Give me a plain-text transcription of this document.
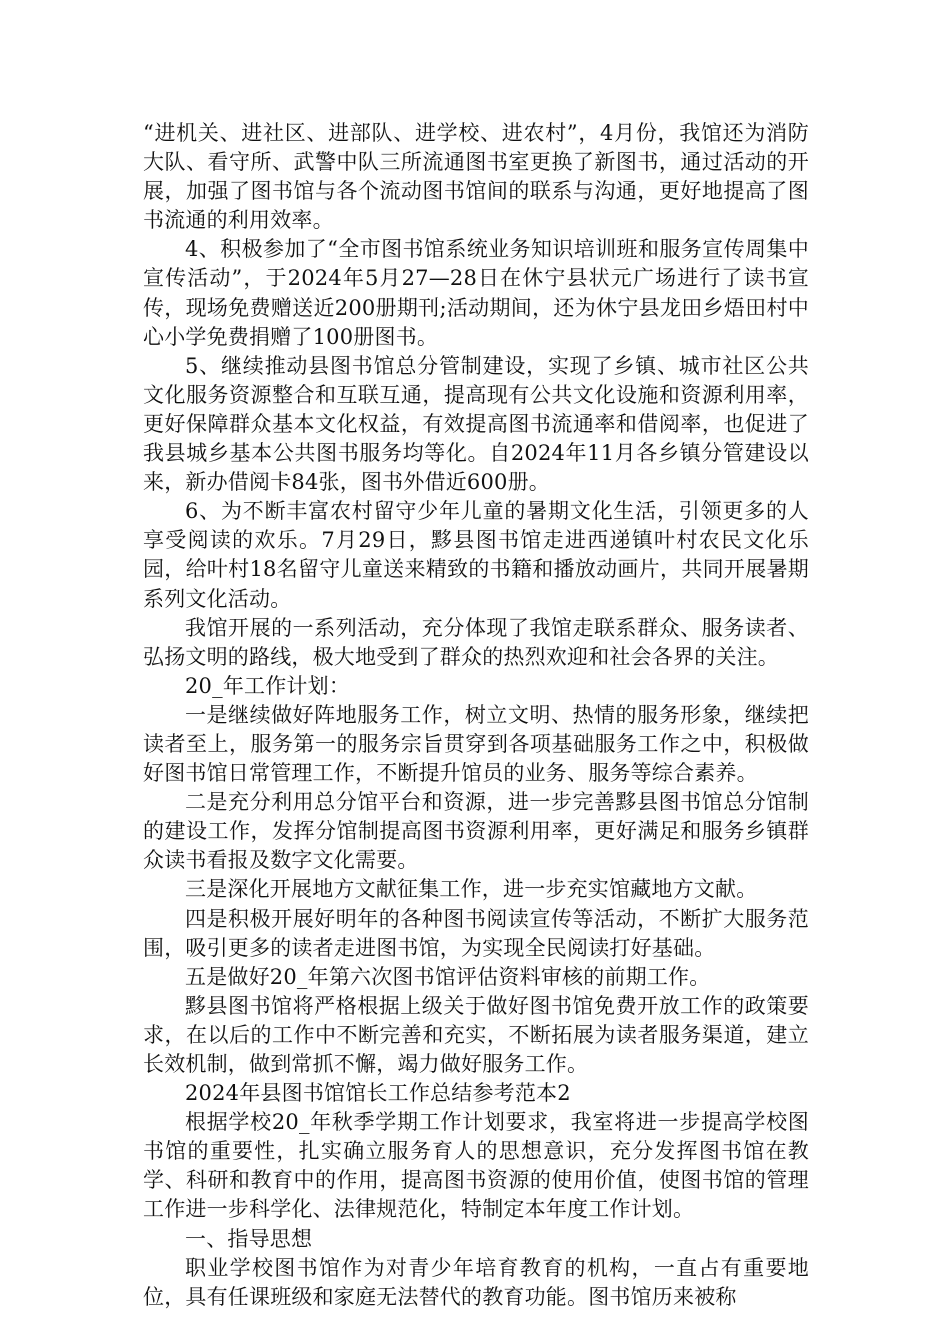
“进机关、进社区、进部队、进学校、进农村”，4月份，我馆还为消防大队、看守所、武警中队三所流通图书室更换了新图书，通过活动的开展，加强了图书馆与各个流动图书馆间的联系与沟通，更好地提高了图书流通的利用效率。

4、积极参加了“全市图书馆系统业务知识培训班和服务宣传周集中宣传活动”，于2024年5月27—28日在休宁县状元广场进行了读书宣传，现场免费赠送近200册期刊;活动期间，还为休宁县龙田乡焐田村中心小学免费捐赠了100册图书。

5、继续推动县图书馆总分管制建设，实现了乡镇、城市社区公共文化服务资源整合和互联互通，提高现有公共文化设施和资源利用率，更好保障群众基本文化权益，有效提高图书流通率和借阅率，也促进了我县城乡基本公共图书服务均等化。自2024年11月各乡镇分管建设以来，新办借阅卡84张，图书外借近600册。

6、为不断丰富农村留守少年儿童的暑期文化生活，引领更多的人享受阅读的欢乐。7月29日，黟县图书馆走进西递镇叶村农民文化乐园，给叶村18名留守儿童送来精致的书籍和播放动画片，共同开展暑期系列文化活动。

我馆开展的一系列活动，充分体现了我馆走联系群众、服务读者、弘扬文明的路线，极大地受到了群众的热烈欢迎和社会各界的关注。

20_年工作计划：

一是继续做好阵地服务工作，树立文明、热情的服务形象，继续把读者至上，服务第一的服务宗旨贯穿到各项基础服务工作之中，积极做好图书馆日常管理工作，不断提升馆员的业务、服务等综合素养。

二是充分利用总分馆平台和资源，进一步完善黟县图书馆总分馆制的建设工作，发挥分馆制提高图书资源利用率，更好满足和服务乡镇群众读书看报及数字文化需要。

三是深化开展地方文献征集工作，进一步充实馆藏地方文献。

四是积极开展好明年的各种图书阅读宣传等活动，不断扩大服务范围，吸引更多的读者走进图书馆，为实现全民阅读打好基础。

五是做好20_年第六次图书馆评估资料审核的前期工作。

黟县图书馆将严格根据上级关于做好图书馆免费开放工作的政策要求，在以后的工作中不断完善和充实，不断拓展为读者服务渠道，建立长效机制，做到常抓不懈，竭力做好服务工作。

2024年县图书馆馆长工作总结参考范本2

根据学校20_年秋季学期工作计划要求，我室将进一步提高学校图书馆的重要性，扎实确立服务育人的思想意识，充分发挥图书馆在教学、科研和教育中的作用，提高图书资源的使用价值，使图书馆的管理工作进一步科学化、法律规范化，特制定本年度工作计划。

一、指导思想

职业学校图书馆作为对青少年培育教育的机构，一直占有重要地位，具有任课班级和家庭无法替代的教育功能。图书馆历来被称
